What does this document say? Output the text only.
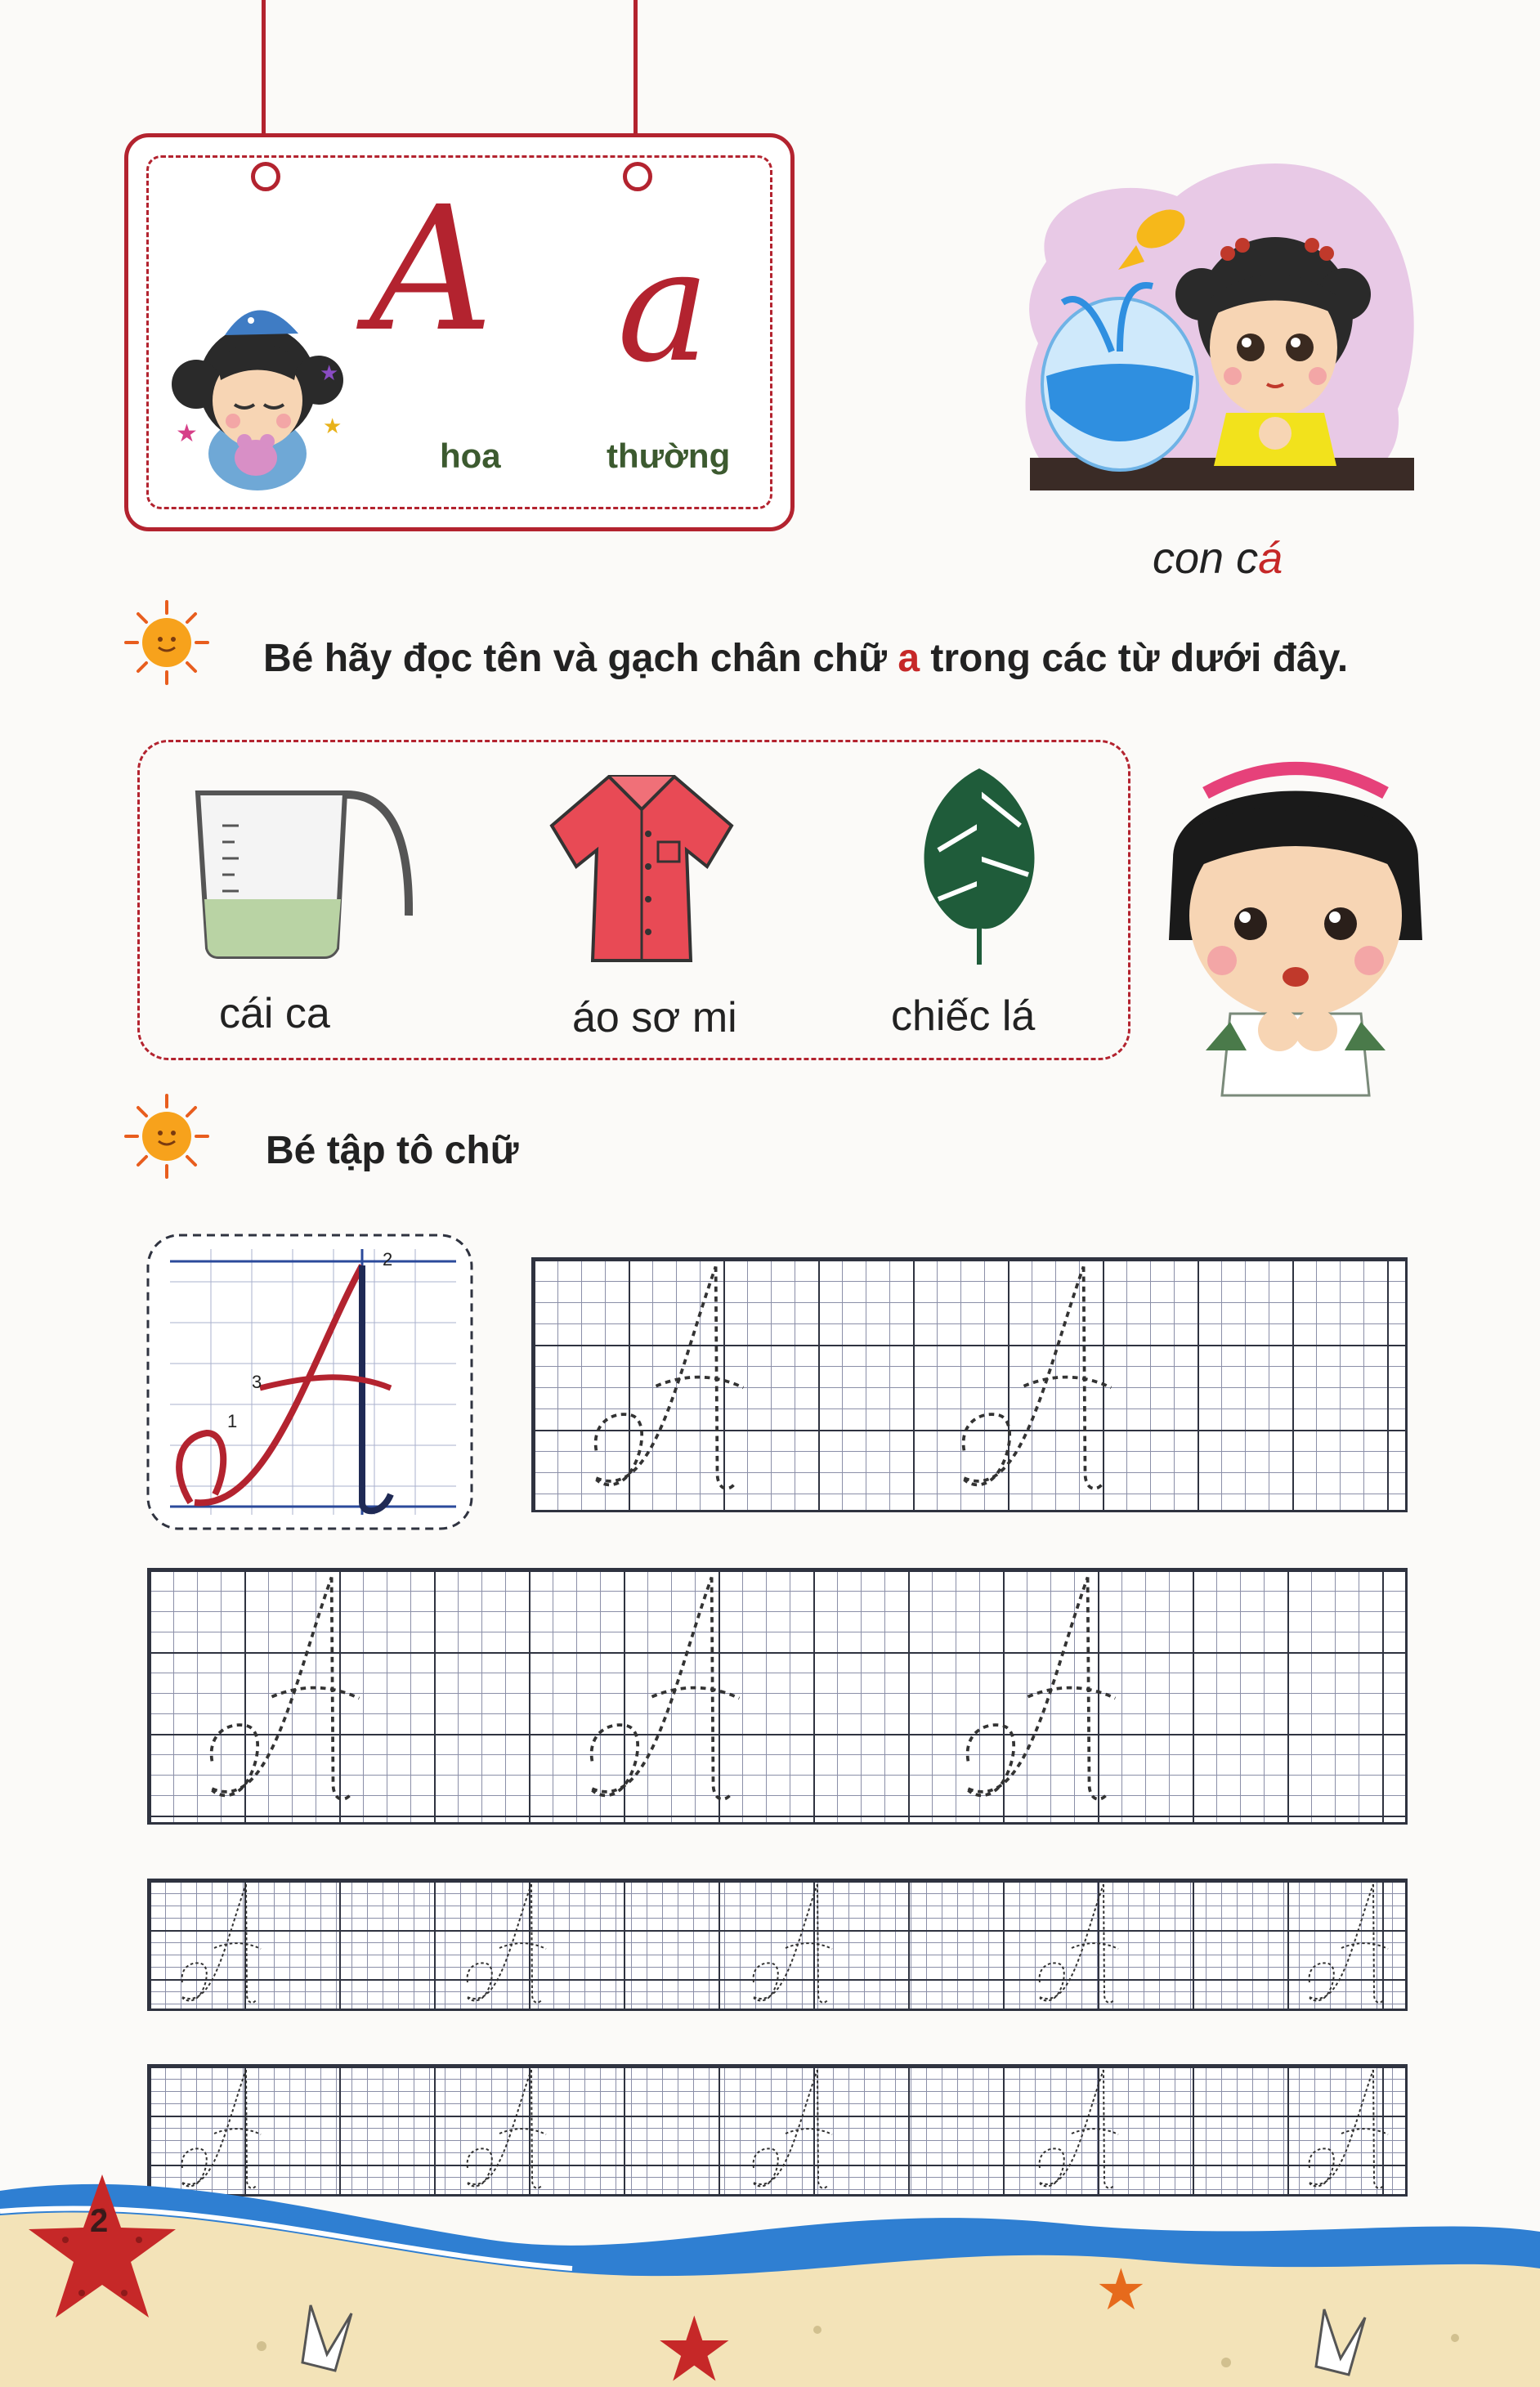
★
★
★
A a
hoa	thường
con cá
Bé hãy đọc tên và gạch chân chữ a trong các từ dưới đây.
cái ca	áo sơ mi	chiếc lá
Bé tập tô chữ
1
2
3
★
★
2
